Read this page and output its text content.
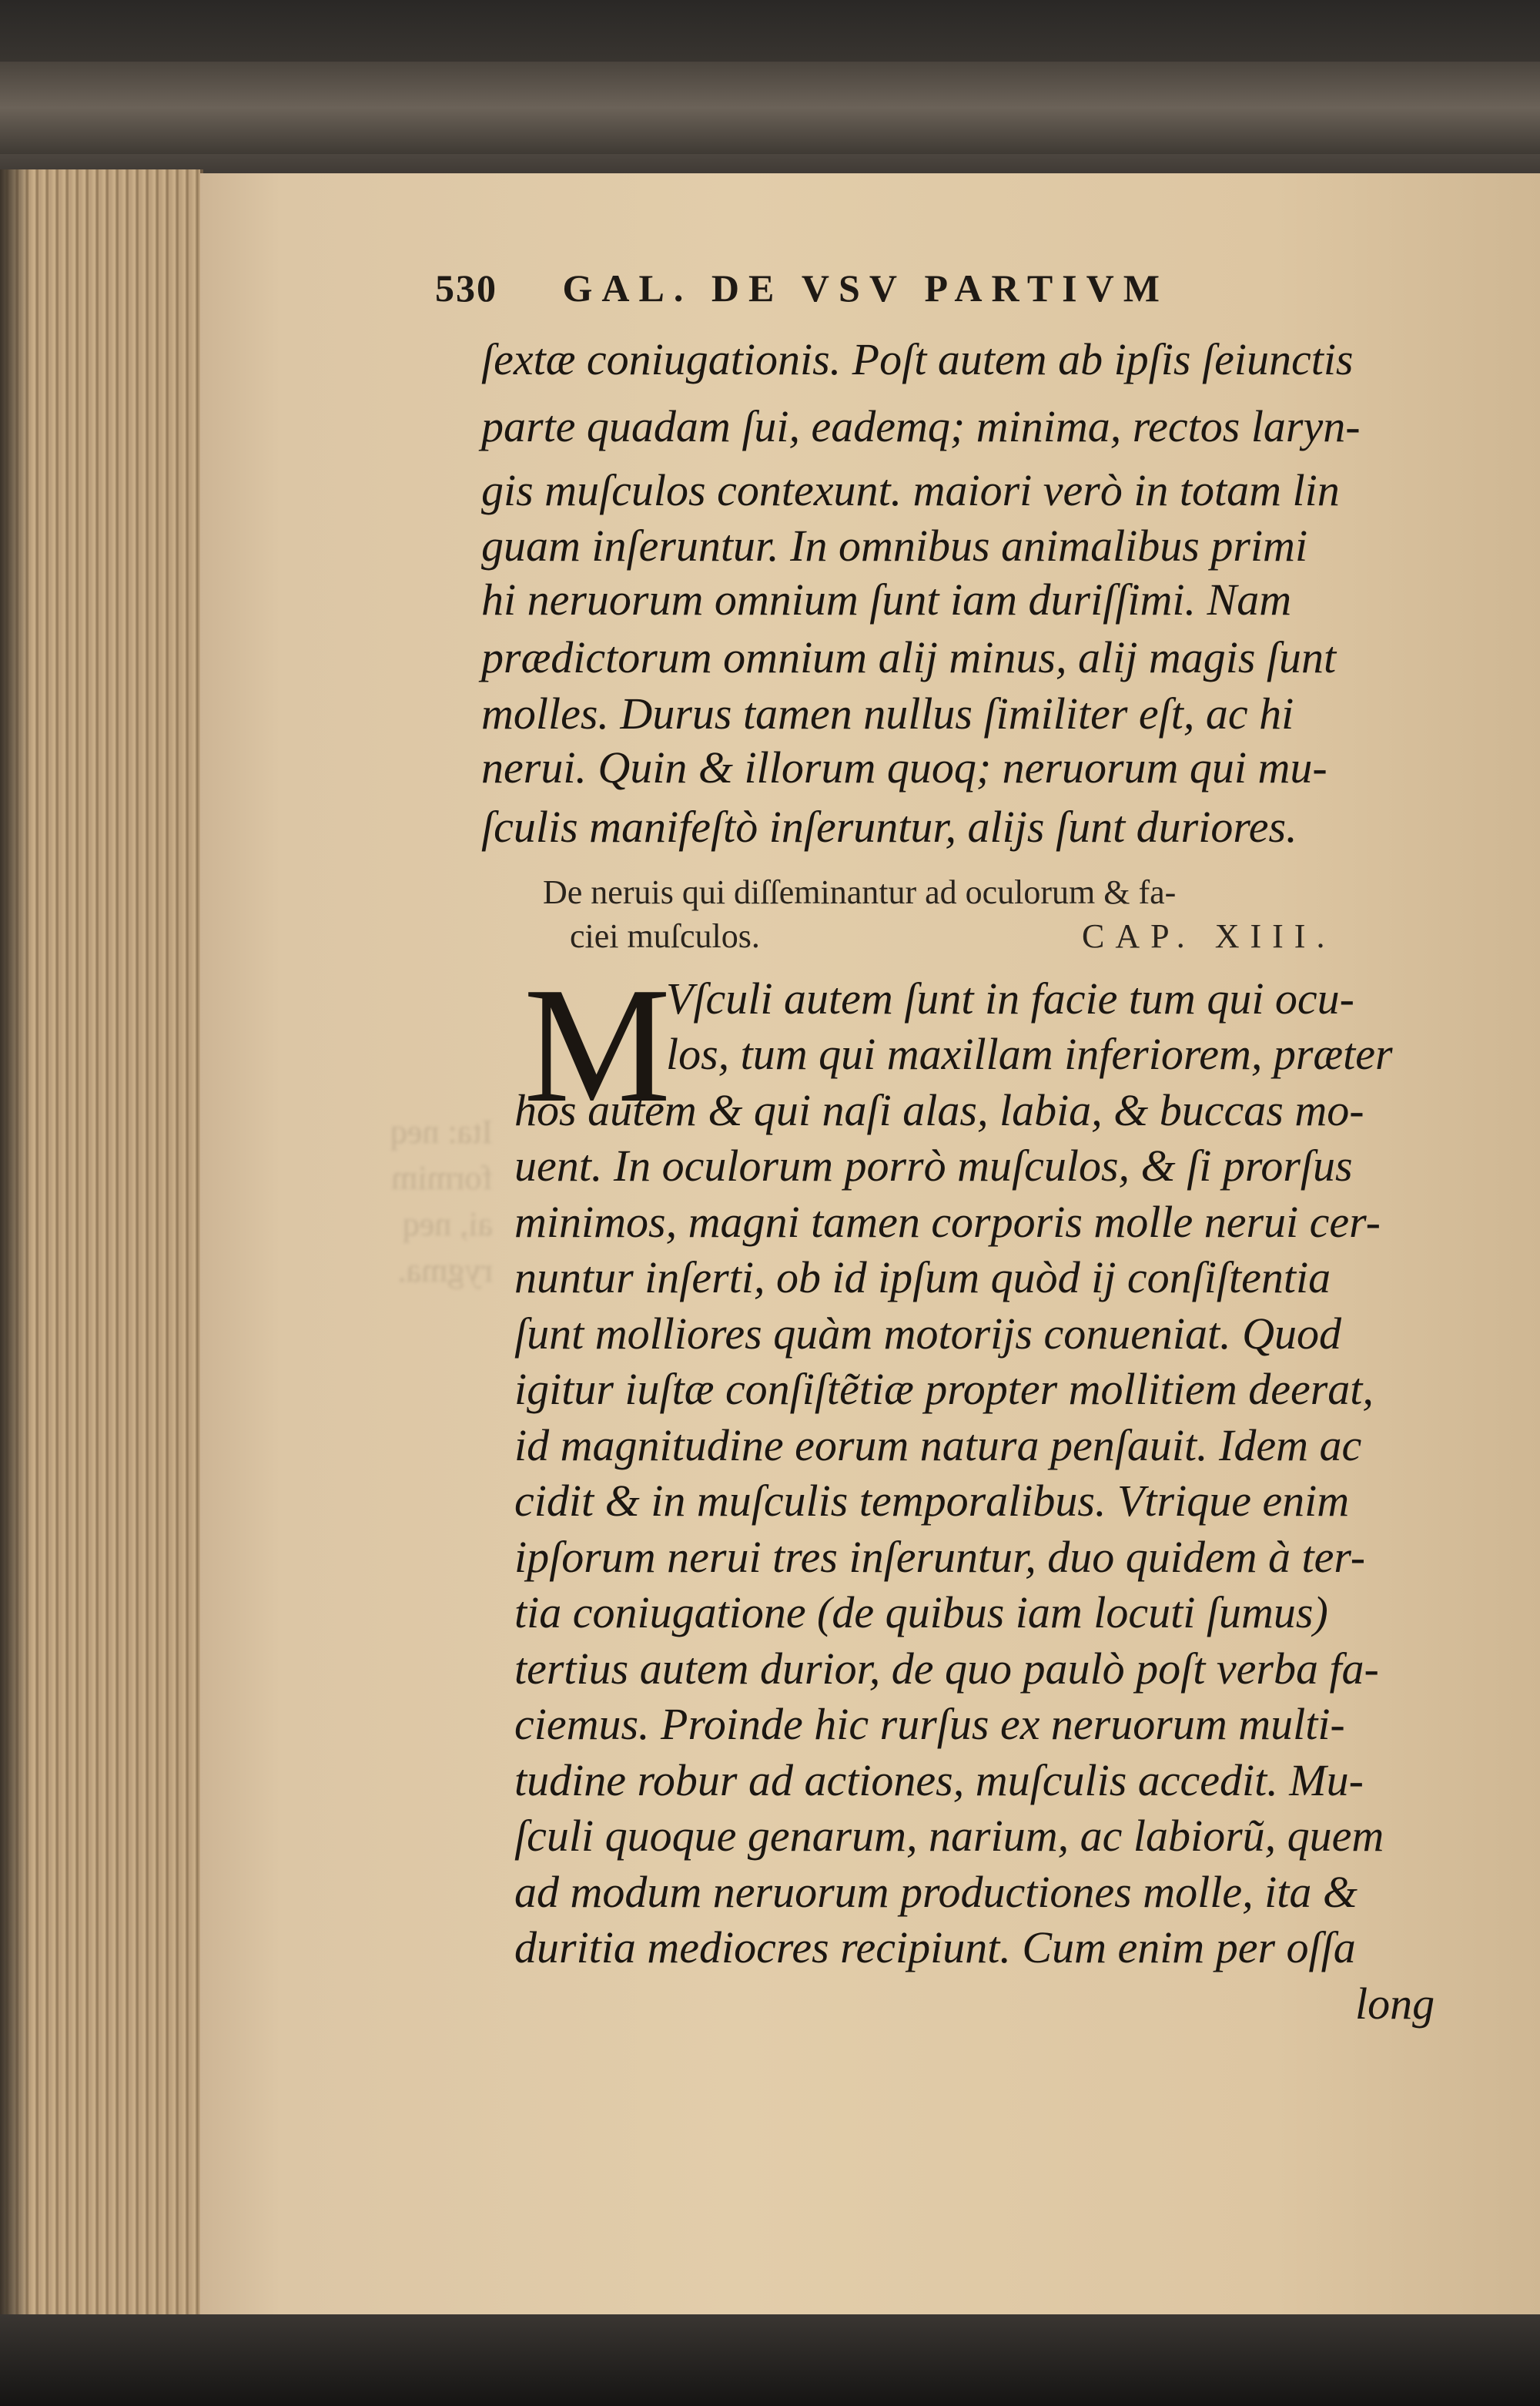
Ita: neq
formim
ai, neq
rygma.
530 GAL. DE VSV PARTIVM
ſextæ coniugationis. Poſt autem ab ipſis ſeiunctis
parte quadam ſui, eademq; minima, rectos laryn-
gis muſculos contexunt. maiori verò in totam lin
guam inſeruntur. In omnibus animalibus primi
hi neruorum omnium ſunt iam duriſſimi. Nam
prædictorum omnium alij minus, alij magis ſunt
molles. Durus tamen nullus ſimiliter eſt, ac hi
nerui. Quin & illorum quoq; neruorum qui mu-
ſculis manifeſtò inſeruntur, alijs ſunt duriores.
De neruis qui diſſeminantur ad oculorum & fa-
ciei muſculos.	CAP. XIII.
M
Vſculi autem ſunt in facie tum qui ocu-
los, tum qui maxillam inferiorem, præter
hos autem & qui naſi alas, labia, & buccas mo-
uent. In oculorum porrò muſculos, & ſi prorſus
minimos, magni tamen corporis molle nerui cer-
nuntur inſerti, ob id ipſum quòd ij conſiſtentia
ſunt molliores quàm motorijs conueniat. Quod
igitur iuſtæ conſiſtẽtiæ propter mollitiem deerat,
id magnitudine eorum natura penſauit. Idem ac
cidit & in muſculis temporalibus. Vtrique enim
ipſorum nerui tres inſeruntur, duo quidem à ter-
tia coniugatione (de quibus iam locuti ſumus)
tertius autem durior, de quo paulò poſt verba fa-
ciemus. Proinde hic rurſus ex neruorum multi-
tudine robur ad actiones, muſculis accedit. Mu-
ſculi quoque genarum, narium, ac labiorũ, quem
ad modum neruorum productiones molle, ita &
duritia mediocres recipiunt. Cum enim per oſſa
long
